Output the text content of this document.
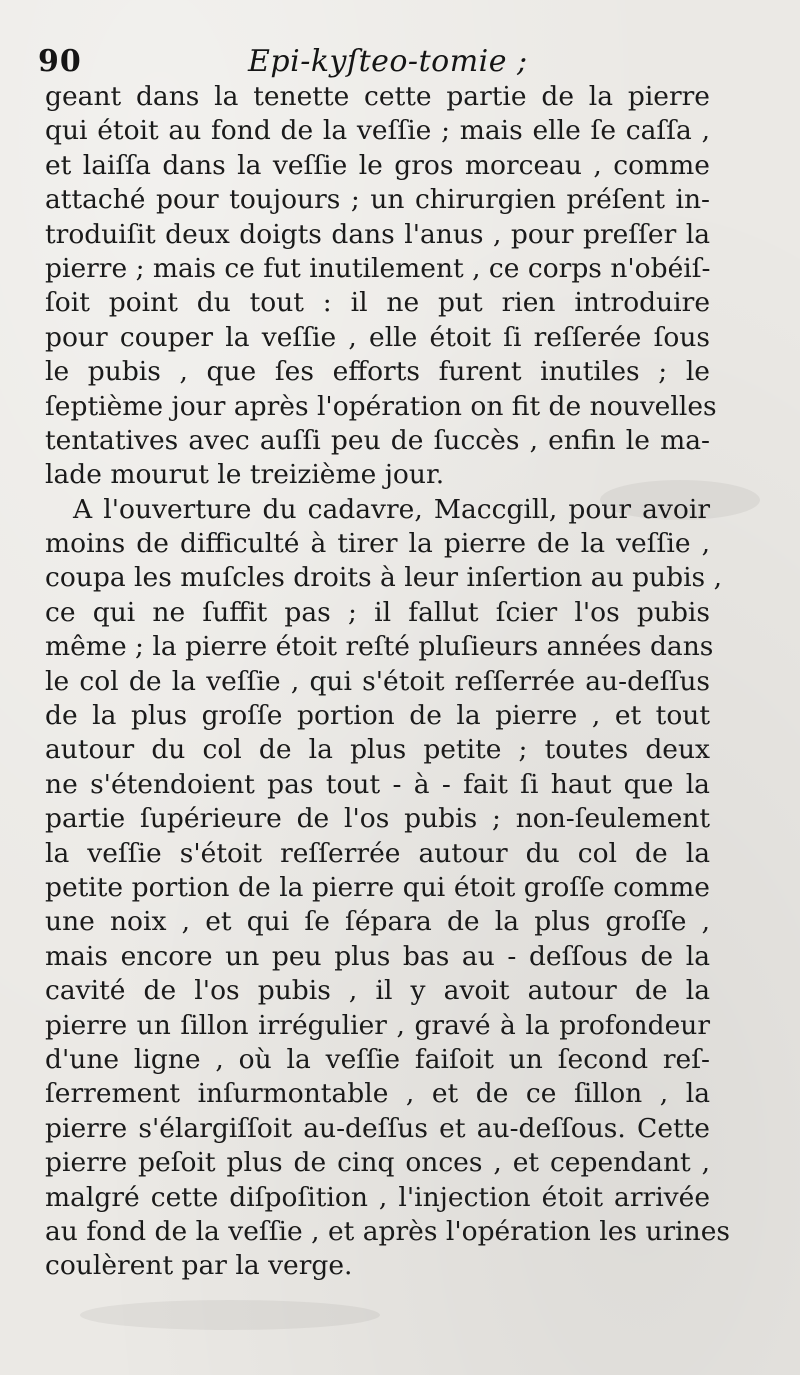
90	Epi-kyſteo-tomie ;
geant dans la tenette cette partie de la pierre
qui étoit au fond de la veſſie ; mais elle ſe caſſa ,
et laiſſa dans la veſſie le gros morceau , comme
attaché pour toujours ; un chirurgien préſent in-
troduiſit deux doigts dans l'anus , pour preſſer la
pierre ; mais ce fut inutilement , ce corps n'obéiſ-
ſoit point du tout : il ne put rien introduire
pour couper la veſſie , elle étoit ſi reſſerée ſous
le pubis , que ſes efforts furent inutiles ; le
ſeptième jour après l'opération on fit de nouvelles
tentatives avec auſſi peu de ſuccès , enfin le ma-
lade mourut le treizième jour.
A l'ouverture du cadavre, Maccgill, pour avoir
moins de difficulté à tirer la pierre de la veſſie ,
coupa les muſcles droits à leur inſertion au pubis ,
ce qui ne ſuffit pas ; il fallut ſcier l'os pubis
même ; la pierre étoit reſté pluſieurs années dans
le col de la veſſie , qui s'étoit reſſerrée au-deſſus
de la plus groſſe portion de la pierre , et tout
autour du col de la plus petite ; toutes deux
ne s'étendoient pas tout - à - fait ſi haut que la
partie ſupérieure de l'os pubis ; non-ſeulement
la veſſie s'étoit reſſerrée autour du col de la
petite portion de la pierre qui étoit groſſe comme
une noix , et qui ſe ſépara de la plus groſſe ,
mais encore un peu plus bas au - deſſous de la
cavité de l'os pubis , il y avoit autour de la
pierre un ſillon irrégulier , gravé à la profondeur
d'une ligne , où la veſſie faiſoit un ſecond reſ-
ſerrement inſurmontable , et de ce ſillon , la
pierre s'élargiſſoit au-deſſus et au-deſſous. Cette
pierre peſoit plus de cinq onces , et cependant ,
malgré cette diſpoſition , l'injection étoit arrivée
au fond de la veſſie , et après l'opération les urines
coulèrent par la verge.
